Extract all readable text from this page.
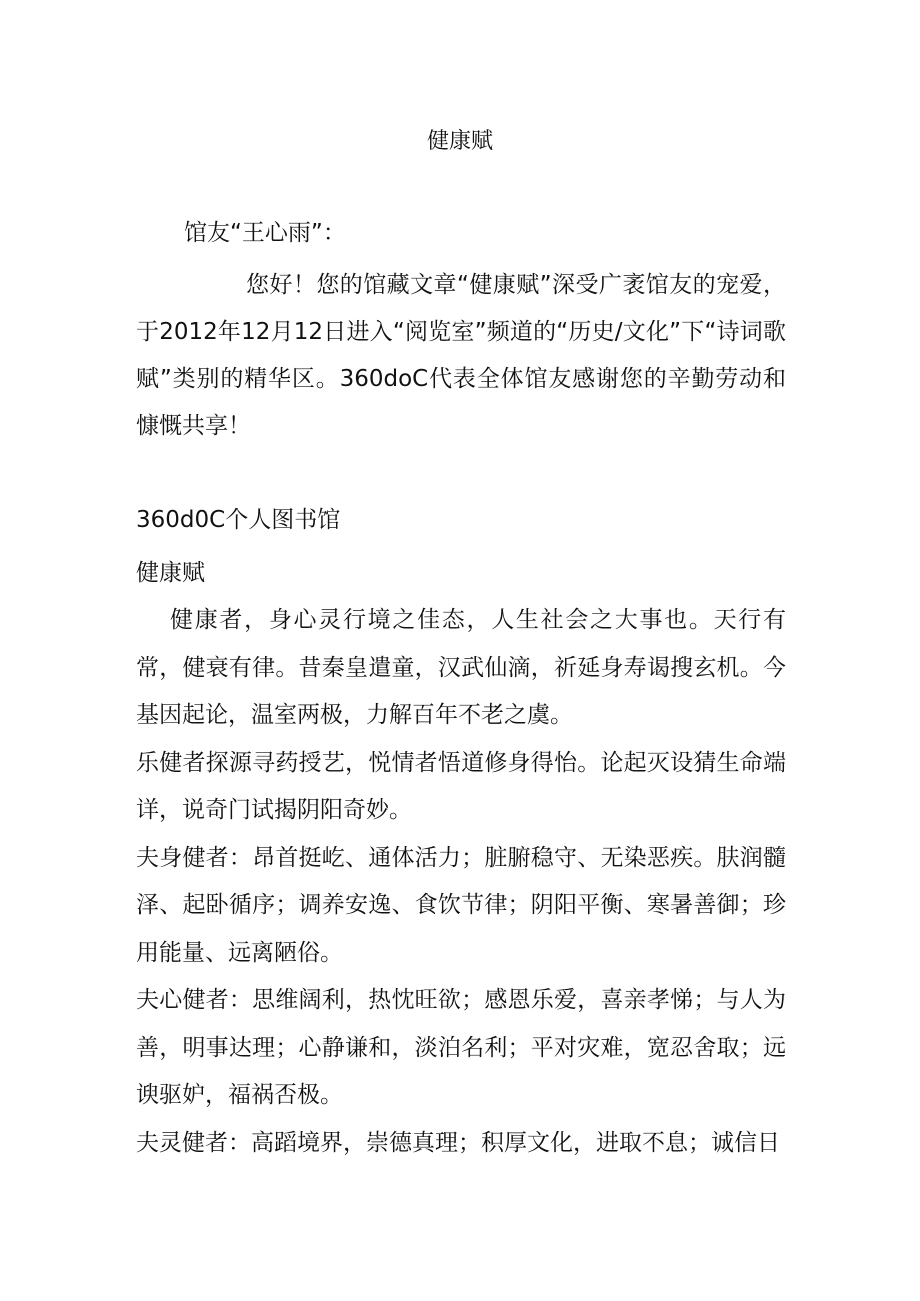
健康赋
馆友“王心雨”：

您好！您的馆藏文章“健康赋”深受广袤馆友的宠爱，于2012年12月12日进入“阅览室”频道的“历史/文化”下“诗词歌赋”类别的精华区。360doC代表全体馆友感谢您的辛勤劳动和慷慨共享！

360d0C个人图书馆
健康赋

健康者，身心灵行境之佳态，人生社会之大事也。天行有常，健衰有律。昔秦皇遣童，汉武仙滴，祈延身寿谒搜玄机。今基因起论，温室两极，力解百年不老之虞。

乐健者探源寻药授艺，悦情者悟道修身得怡。论起灭设猜生命端详，说奇门试揭阴阳奇妙。

夫身健者：昂首挺屹、通体活力；脏腑稳守、无染恶疾。肤润髓泽、起卧循序；调养安逸、食饮节律；阴阳平衡、寒暑善御；珍用能量、远离陋俗。

夫心健者：思维阔利，热忱旺欲；感恩乐爱，喜亲孝悌；与人为善，明事达理；心静谦和，淡泊名利；平对灾难，宽忍舍取；远谀驱妒，福祸否极。

夫灵健者：高蹈境界，崇德真理；积厚文化，进取不息；诚信日
